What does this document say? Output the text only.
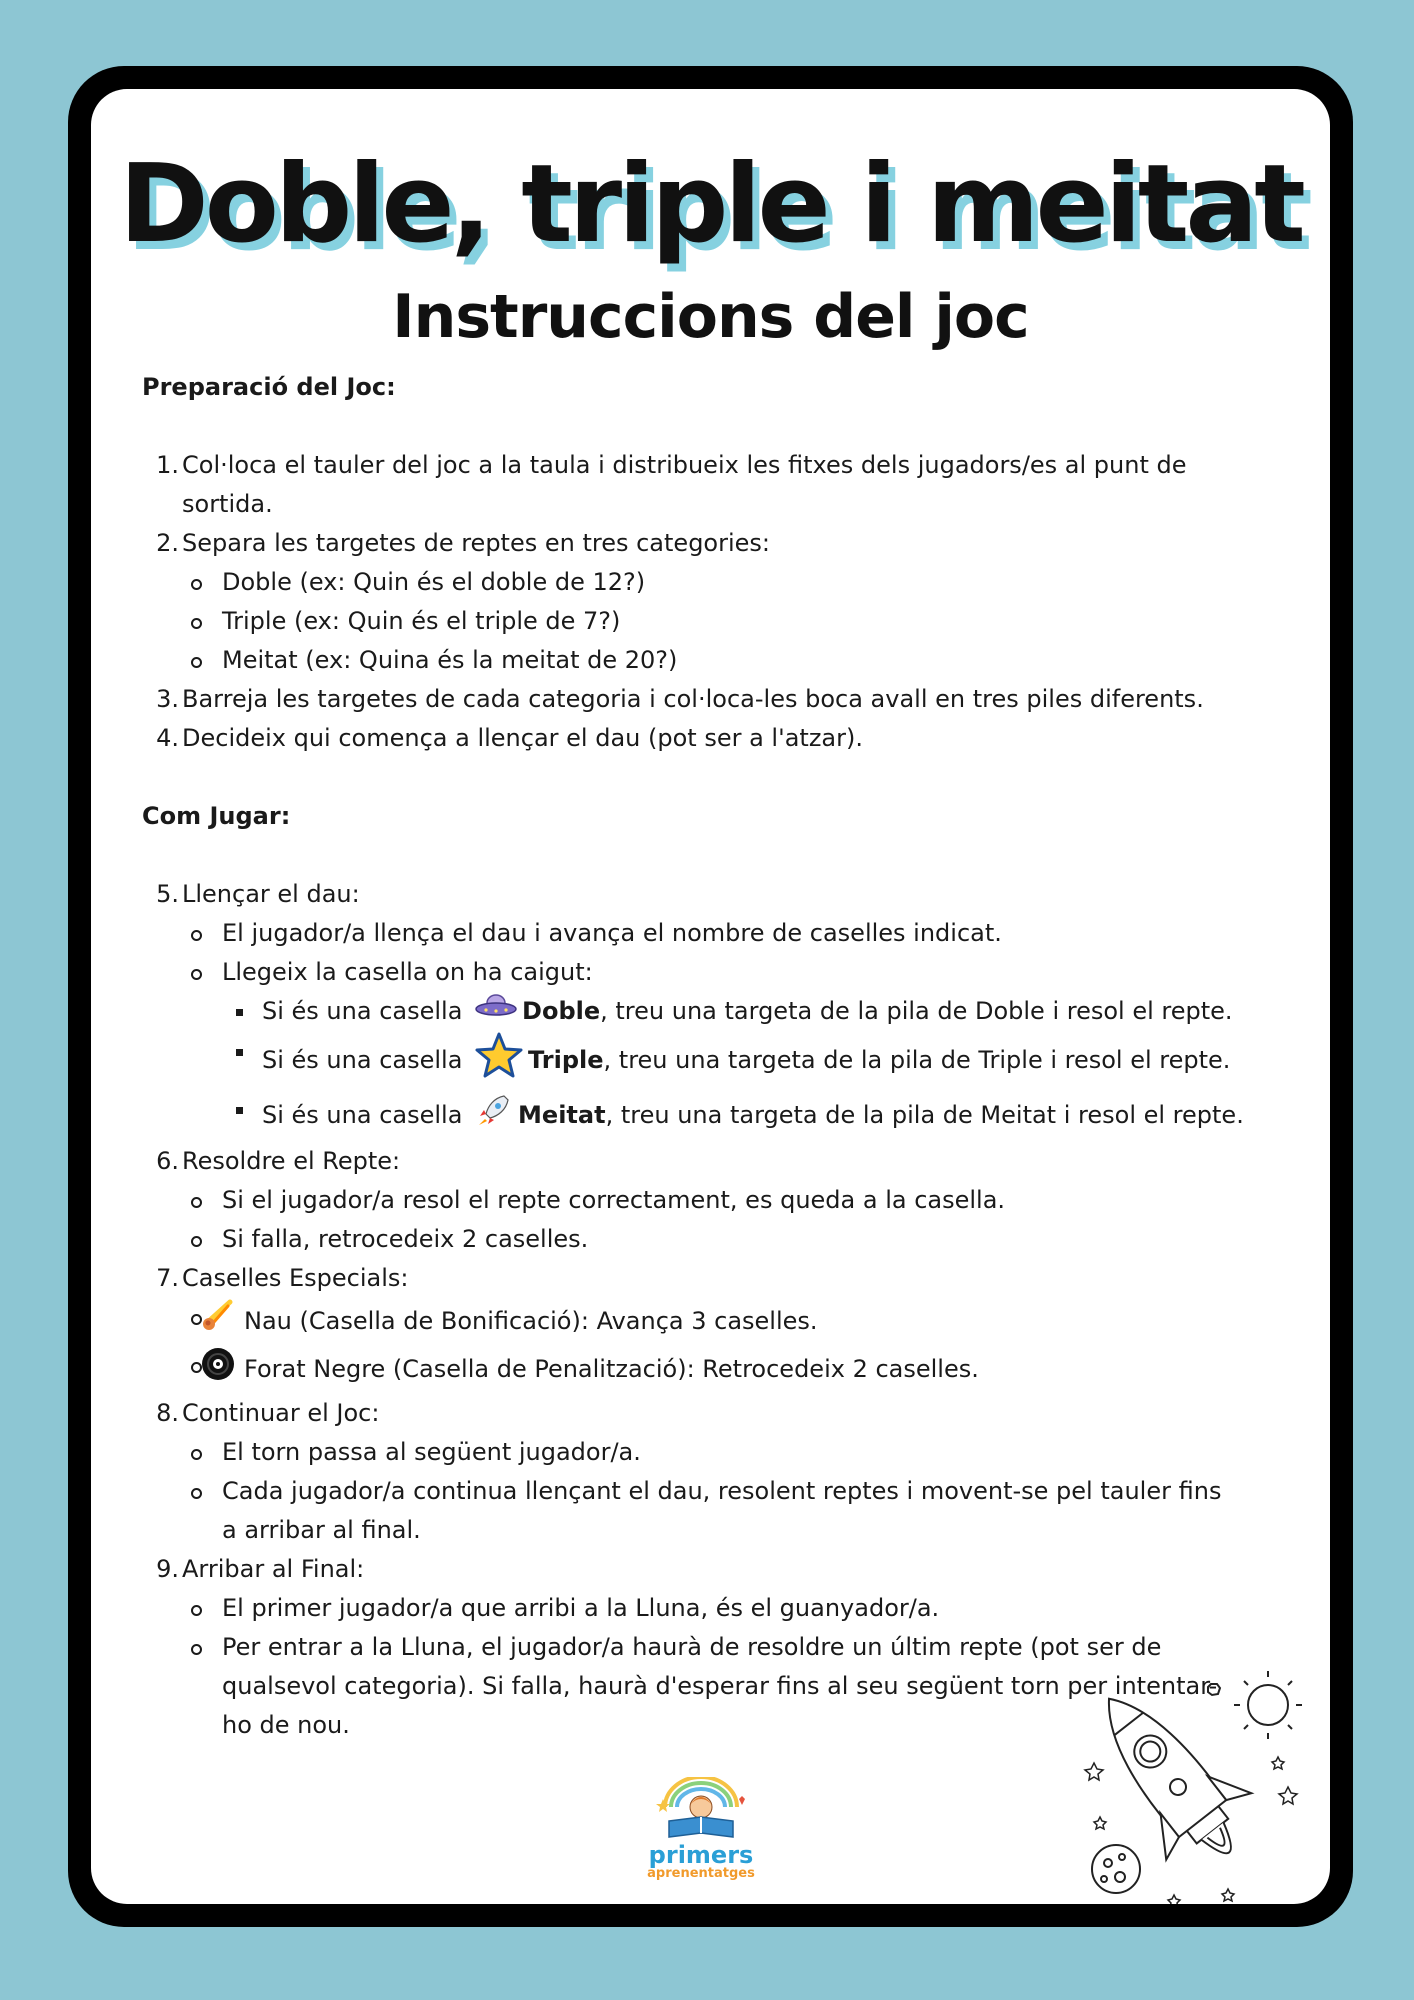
Doble, triple i meitat
Instruccions del joc
Preparació del Joc:
1. Col·loca el tauler del joc a la taula i distribueix les fitxes dels jugadors/es al punt de
sortida.
2. Separa les targetes de reptes en tres categories:
Doble (ex: Quin és el doble de 12?)
Triple (ex: Quin és el triple de 7?)
Meitat (ex: Quina és la meitat de 20?)
3. Barreja les targetes de cada categoria i col·loca-les boca avall en tres piles diferents.
4. Decideix qui comença a llençar el dau (pot ser a l'atzar).
Com Jugar:
5. Llençar el dau:
El jugador/a llença el dau i avança el nombre de caselles indicat.
Llegeix la casella on ha caigut:
Si és una casella Doble, treu una targeta de la pila de Doble i resol el repte.
Si és una casella	Triple, treu una targeta de la pila de Triple i resol el repte.
Si és una casella Meitat, treu una targeta de la pila de Meitat i resol el repte.
6. Resoldre el Repte:
Si el jugador/a resol el repte correctament, es queda a la casella.
Si falla, retrocedeix 2 caselles.
7. Caselles Especials:
Nau (Casella de Bonificació): Avança 3 caselles.
Forat Negre (Casella de Penalització): Retrocedeix 2 caselles.
8. Continuar el Joc:
El torn passa al següent jugador/a.
Cada jugador/a continua llençant el dau, resolent reptes i movent-se pel tauler fins
a arribar al final.
9. Arribar al Final:
El primer jugador/a que arribi a la Lluna, és el guanyador/a.
Per entrar a la Lluna, el jugador/a haurà de resoldre un últim repte (pot ser de
qualsevol categoria). Si falla, haurà d'esperar fins al seu següent torn per intentar-
ho de nou.
primers
aprenentatges
